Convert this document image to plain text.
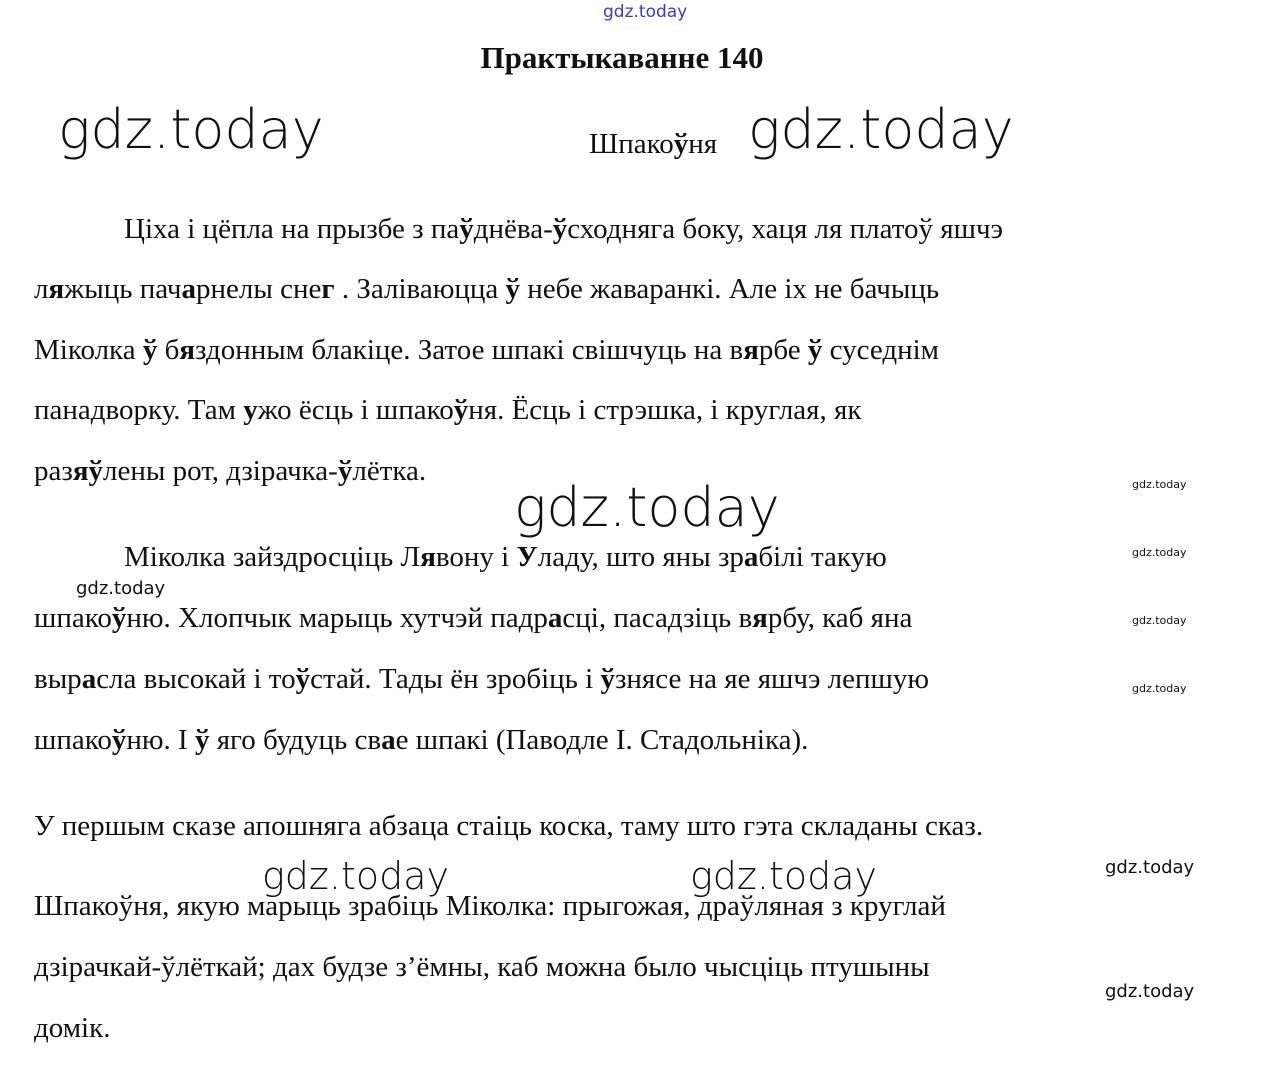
gdz.today
gdz.today	gdz.today
gdz.today
gdz.today
gdz.today	gdz.today
gdz.today
gdz.today
gdz.today
gdz.today
gdz.today
gdz.today
Практыкаванне 140
Шпакоўня
Ціха і цёпла на прызбе з паўднёва-ўсходняга боку, хаця ля платоў яшчэ
ляжыць пачарнелы снег . Заліваюцца ў небе жаваранкі. Але іх не бачыць
Міколка ў бяздонным блакіце. Затое шпакі свішчуць на вярбе ў суседнім
панадворку. Там ужо ёсць і шпакоўня. Ёсць і стрэшка, і круглая, як
разяўлены рот, дзірачка-ўлётка.
Міколка зайздросціць Лявону і Уладу, што яны зрабілі такую
шпакоўню. Хлопчык марыць хутчэй падрасці, пасадзіць вярбу, каб яна
вырасла высокай і тоўстай. Тады ён зробіць і ўзнясе на яе яшчэ лепшую
шпакоўню. І ў яго будуць свае шпакі (Паводле І. Стадольніка).
У першым сказе апошняга абзаца стаіць коска, таму што гэта складаны сказ.
Шпакоўня, якую марыць зрабіць Міколка: прыгожая, драўляная з круглай
дзірачкай-ўлёткай; дах будзе з’ёмны, каб можна было чысціць птушыны
домік.
